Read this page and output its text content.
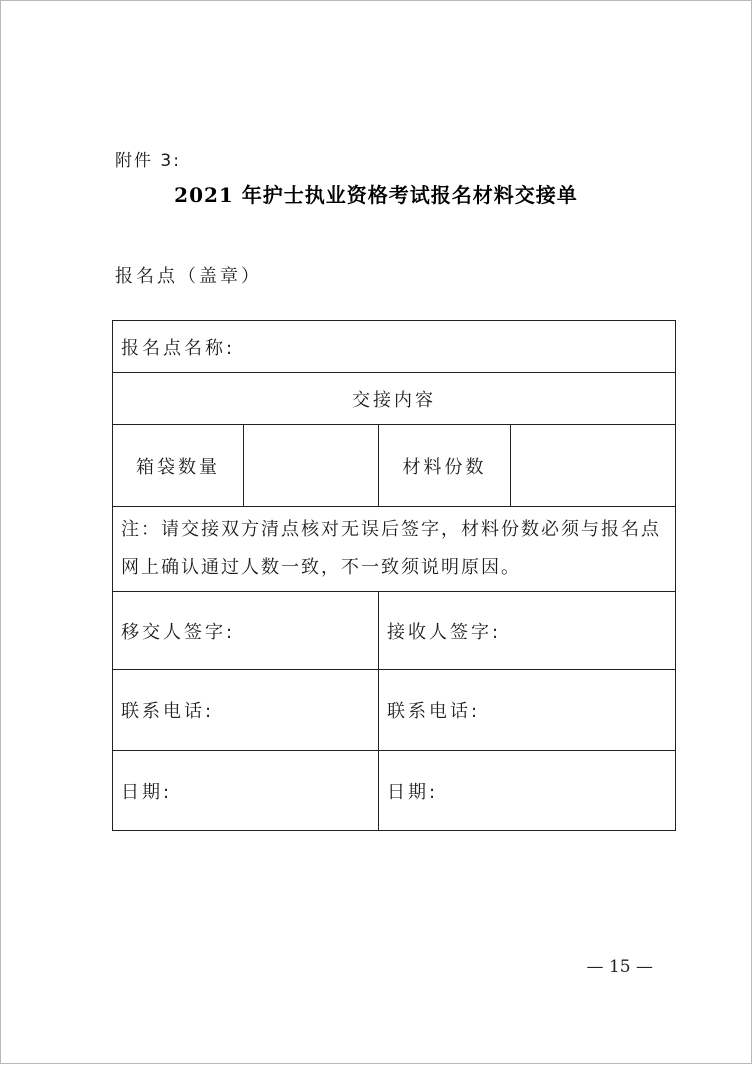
附件 3:
2021 年护士执业资格考试报名材料交接单
报名点（盖章）
报名点名称:			
交接内容			
箱袋数量		材料份数	
注：请交接双方清点核对无误后签字，材料份数必须与报名点网上确认通过人数一致，不一致须说明原因。			
移交人签字:		接收人签字:	
联系电话:		联系电话:	
日期:		日期:	
— 15 —
